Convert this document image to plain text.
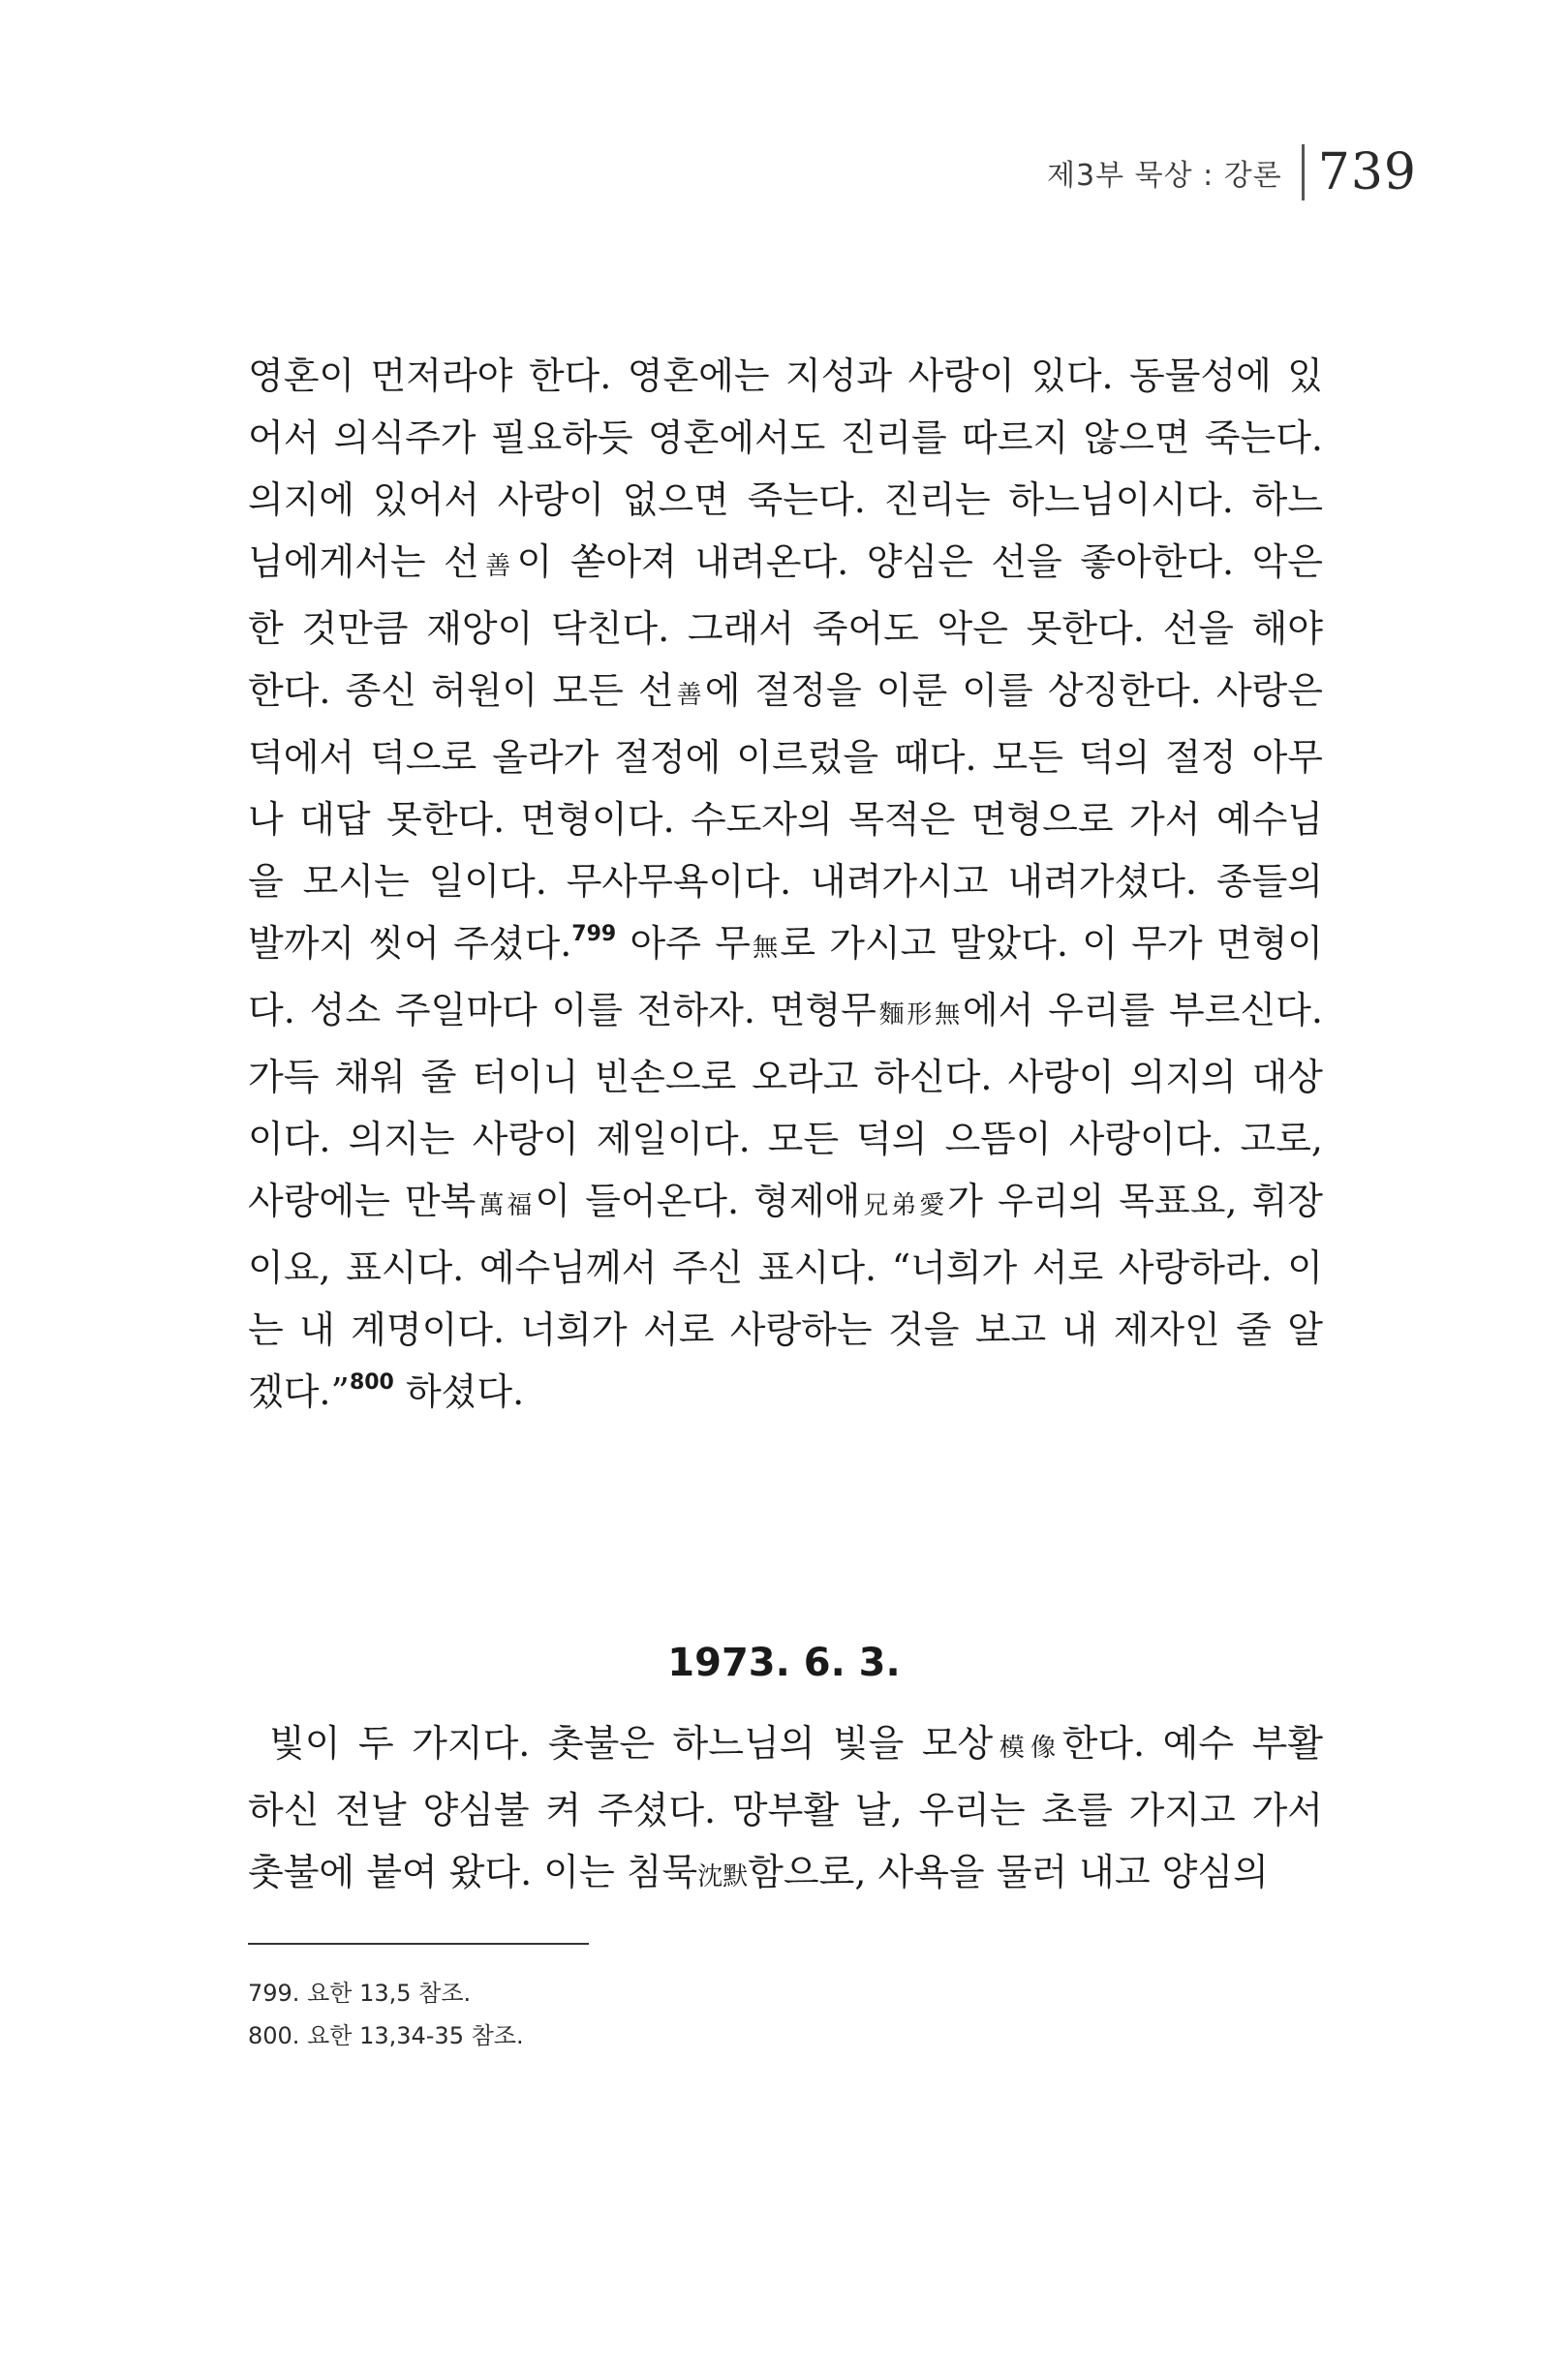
제3부 묵상 : 강론 739
영혼이 먼저라야 한다. 영혼에는 지성과 사랑이 있다. 동물성에 있
어서 의식주가 필요하듯 영혼에서도 진리를 따르지 않으면 죽는다.
의지에 있어서 사랑이 없으면 죽는다. 진리는 하느님이시다. 하느
님에게서는 선善이 쏟아져 내려온다. 양심은 선을 좋아한다. 악은
한 것만큼 재앙이 닥친다. 그래서 죽어도 악은 못한다. 선을 해야
한다. 종신 허원이 모든 선善에 절정을 이룬 이를 상징한다. 사랑은
덕에서 덕으로 올라가 절정에 이르렀을 때다. 모든 덕의 절정 아무
나 대답 못한다. 면형이다. 수도자의 목적은 면형으로 가서 예수님
을 모시는 일이다. 무사무욕이다. 내려가시고 내려가셨다. 종들의
발까지 씻어 주셨다.$^{799}$ 아주 무無로 가시고 말았다. 이 무가 면형이
다. 성소 주일마다 이를 전하자. 면형무麵形無에서 우리를 부르신다.
가득 채워 줄 터이니 빈손으로 오라고 하신다. 사랑이 의지의 대상
이다. 의지는 사랑이 제일이다. 모든 덕의 으뜸이 사랑이다. 고로,
사랑에는 만복萬福이 들어온다. 형제애兄弟愛가 우리의 목표요, 휘장
이요, 표시다. 예수님께서 주신 표시다. “너희가 서로 사랑하라. 이
는 내 계명이다. 너희가 서로 사랑하는 것을 보고 내 제자인 줄 알
겠다.”$^{800}$ 하셨다.
1973. 6. 3.
빛이 두 가지다. 촛불은 하느님의 빛을 모상模像한다. 예수 부활
하신 전날 양심불 켜 주셨다. 망부활 날, 우리는 초를 가지고 가서
촛불에 붙여 왔다. 이는 침묵沈默함으로, 사욕을 물러 내고 양심의
799. 요한 13,5 참조.
800. 요한 13,34-35 참조.
